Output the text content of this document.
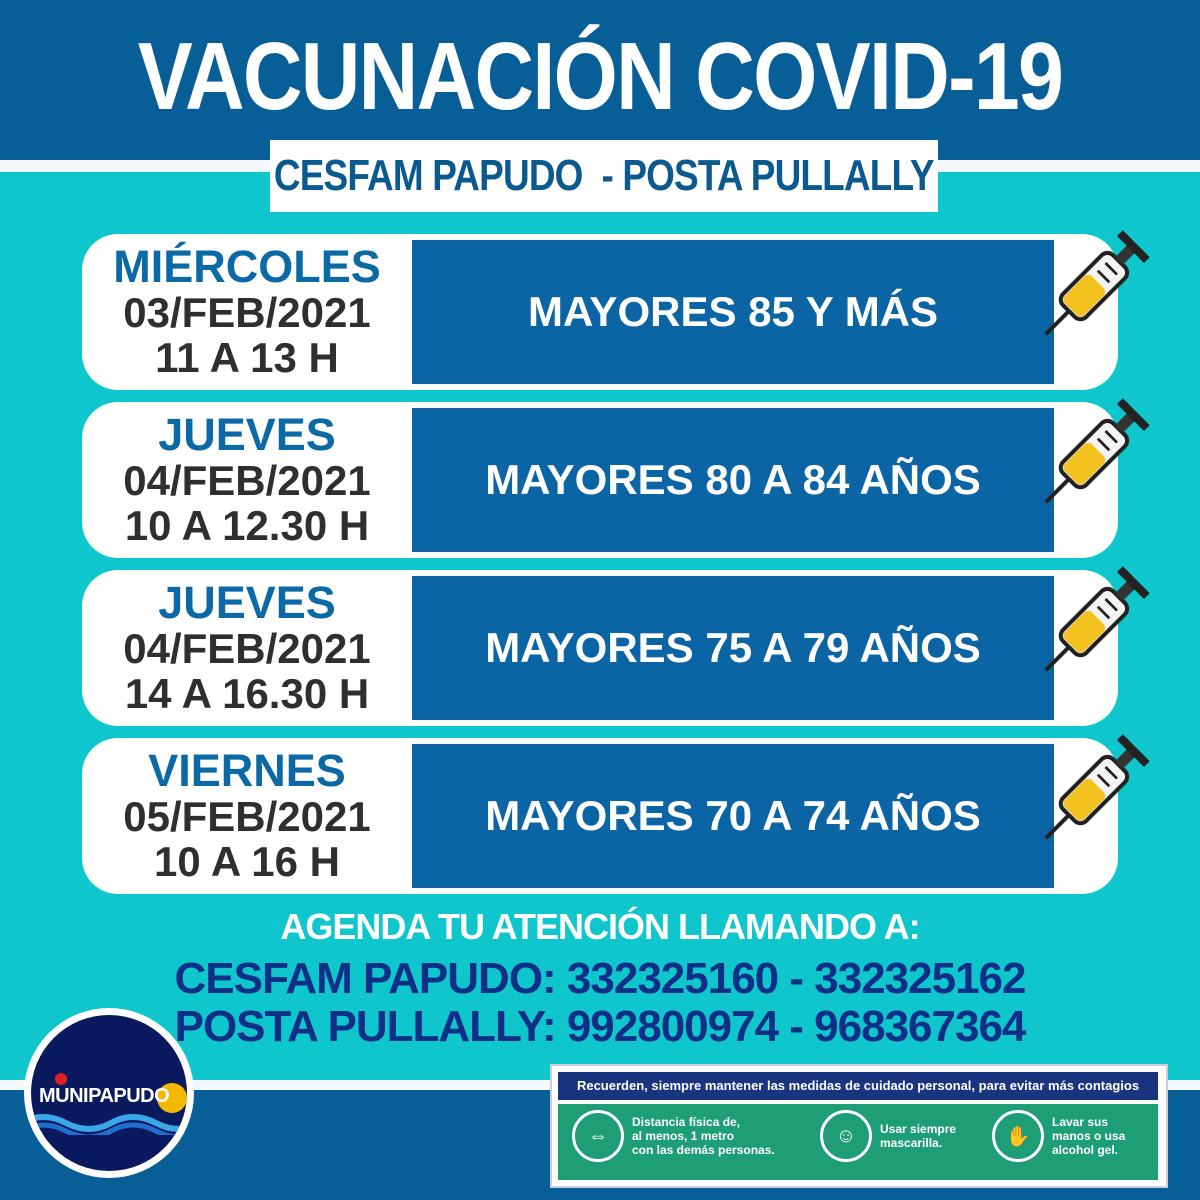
VACUNACIÓN COVID-19
CESFAM PAPUDO  - POSTA PULLALLY
MIÉRCOLES
03/FEB/2021
11 A 13 H
MAYORES 85 Y MÁS
JUEVES
04/FEB/2021
10 A 12.30 H
MAYORES 80 A 84 AÑOS
JUEVES
04/FEB/2021
14 A 16.30 H
MAYORES 75 A 79 AÑOS
VIERNES
05/FEB/2021
10 A 16 H
MAYORES 70 A 74 AÑOS
AGENDA TU ATENCIÓN LLAMANDO A:
CESFAM PAPUDO: 332325160 - 332325162
POSTA PULLALLY: 992800974 - 968367364
MUNIPAPUDO	Recuerden, siempre mantener las medidas de cuidado personal, para evitar más contagios
⇔
Distancia física de,
al menos, 1 metro
con las demás personas.
☺	Usar siempre
mascarilla.	✋
Lavar sus
manos o usa
alcohol gel.
